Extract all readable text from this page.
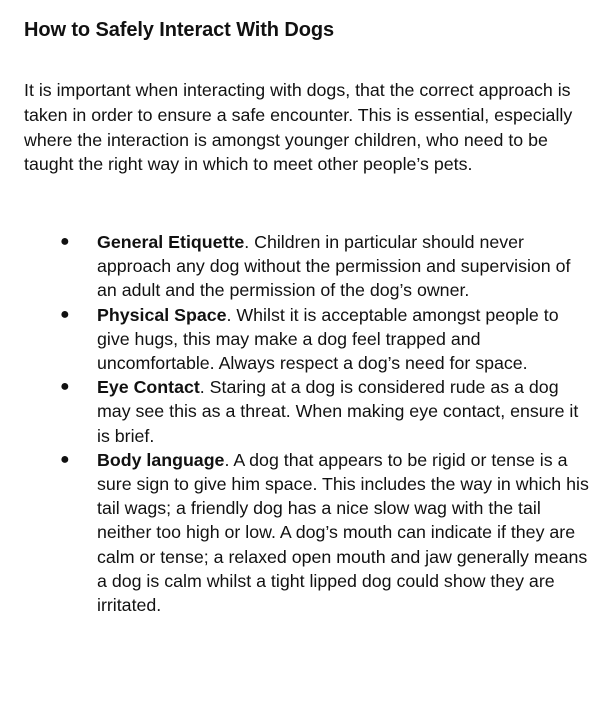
How to Safely Interact With Dogs

It is important when interacting with dogs, that the correct approach is taken in order to ensure a safe encounter. This is essential, especially where the interaction is amongst younger children, who need to be taught the right way in which to meet other people’s pets.

● General Etiquette. Children in particular should never approach any dog without the permission and supervision of an adult and the permission of the dog’s owner.
● Physical Space. Whilst it is acceptable amongst people to give hugs, this may make a dog feel trapped and uncomfortable. Always respect a dog’s need for space.
● Eye Contact. Staring at a dog is considered rude as a dog may see this as a threat. When making eye contact, ensure it is brief.
● Body language. A dog that appears to be rigid or tense is a sure sign to give him space. This includes the way in which his tail wags; a friendly dog has a nice slow wag with the tail neither too high or low. A dog’s mouth can indicate if they are calm or tense; a relaxed open mouth and jaw generally means a dog is calm whilst a tight lipped dog could show they are irritated.
